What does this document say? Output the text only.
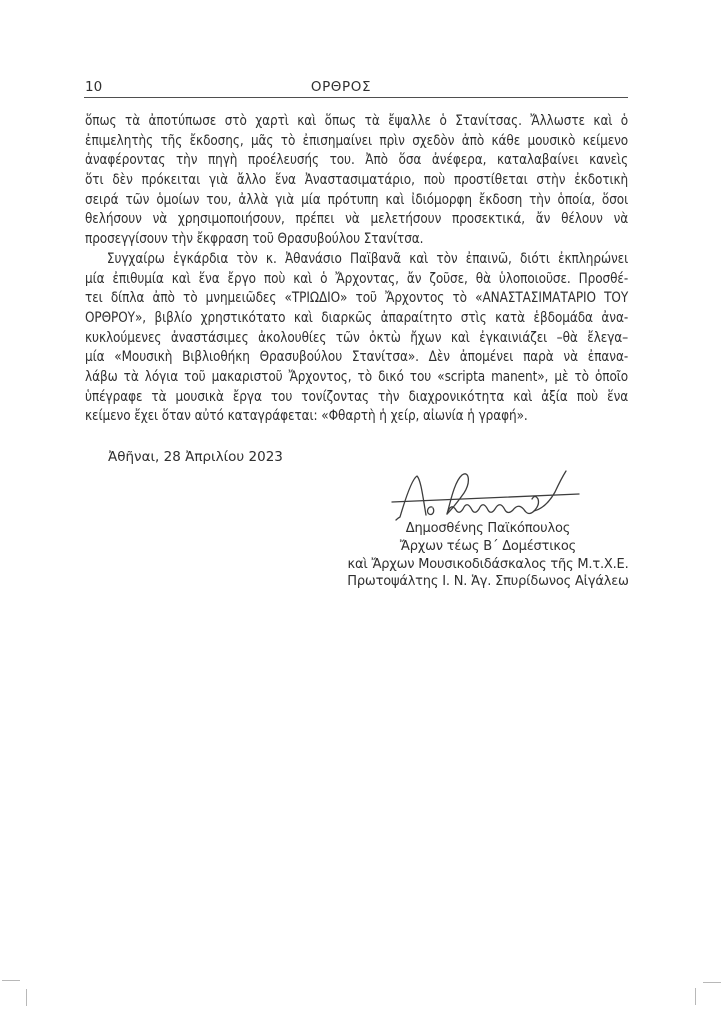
10	ΟΡΘΡΟΣ
ὅπως τὰ ἀποτύπωσε στὸ χαρτὶ καὶ ὅπως τὰ ἔψαλλε ὁ Στανίτσας. Ἄλλωστε καὶ ὁ
ἐπιμελητὴς τῆς ἔκδοσης, μᾶς τὸ ἐπισημαίνει πρὶν σχεδὸν ἀπὸ κάθε μουσικὸ κείμενο
ἀναφέροντας τὴν πηγὴ προέλευσής του. Ἀπὸ ὅσα ἀνέφερα, καταλαβαίνει κανεὶς
ὅτι δὲν πρόκειται γιὰ ἄλλο ἕνα Ἀναστασιματάριο, ποὺ προστίθεται στὴν ἐκδοτικὴ
σειρά τῶν ὁμοίων του, ἀλλὰ γιὰ μία πρότυπη καὶ ἰδιόμορφη ἔκδοση τὴν ὁποία, ὅσοι
θελήσουν νὰ χρησιμοποιήσουν, πρέπει νὰ μελετήσουν προσεκτικά, ἄν θέλουν νὰ
προσεγγίσουν τὴν ἔκφραση τοῦ Θρασυβούλου Στανίτσα.
Συγχαίρω ἐγκάρδια τὸν κ. Ἀθανάσιο Παϊβανᾶ καὶ τὸν ἐπαινῶ, διότι ἐκπληρώνει
μία ἐπιθυμία καὶ ἕνα ἔργο ποὺ καὶ ὁ Ἄρχοντας, ἄν ζοῦσε, θὰ ὑλοποιοῦσε. Προσθέ-
τει δίπλα ἀπὸ τὸ μνημειῶδες «ΤΡΙΩΔΙΟ» τοῦ Ἄρχοντος τὸ «ΑΝΑΣΤΑΣΙΜΑΤΑΡΙΟ ΤΟΥ
ΟΡΘΡΟΥ», βιβλίο χρηστικότατο καὶ διαρκῶς ἀπαραίτητο στὶς κατὰ ἑβδομάδα ἀνα-
κυκλούμενες ἀναστάσιμες ἀκολουθίες τῶν ὀκτὼ ἤχων καὶ ἐγκαινιάζει –θὰ ἔλεγα–
μία «Μουσικὴ Βιβλιοθήκη Θρασυβούλου Στανίτσα». Δὲν ἀπομένει παρὰ νὰ ἐπανα-
λάβω τὰ λόγια τοῦ μακαριστοῦ Ἄρχοντος, τὸ δικό του «scripta manent», μὲ τὸ ὁποῖο
ὑπέγραφε τὰ μουσικὰ ἔργα του τονίζοντας τὴν διαχρονικότητα καὶ ἀξία ποὺ ἕνα
κείμενο ἔχει ὅταν αὐτό καταγράφεται: «Φθαρτὴ ἡ χείρ, αἰωνία ἡ γραφή».
Ἀθῆναι, 28 Ἀπριλίου 2023
Δημοσθένης Παϊκόπουλος
Ἄρχων τέως Β΄ Δομέστικος
καὶ Ἄρχων Μουσικοδιδάσκαλος τῆς Μ.τ.Χ.Ε.
Πρωτοψάλτης Ι. Ν. Ἁγ. Σπυρίδωνος Αἰγάλεω
